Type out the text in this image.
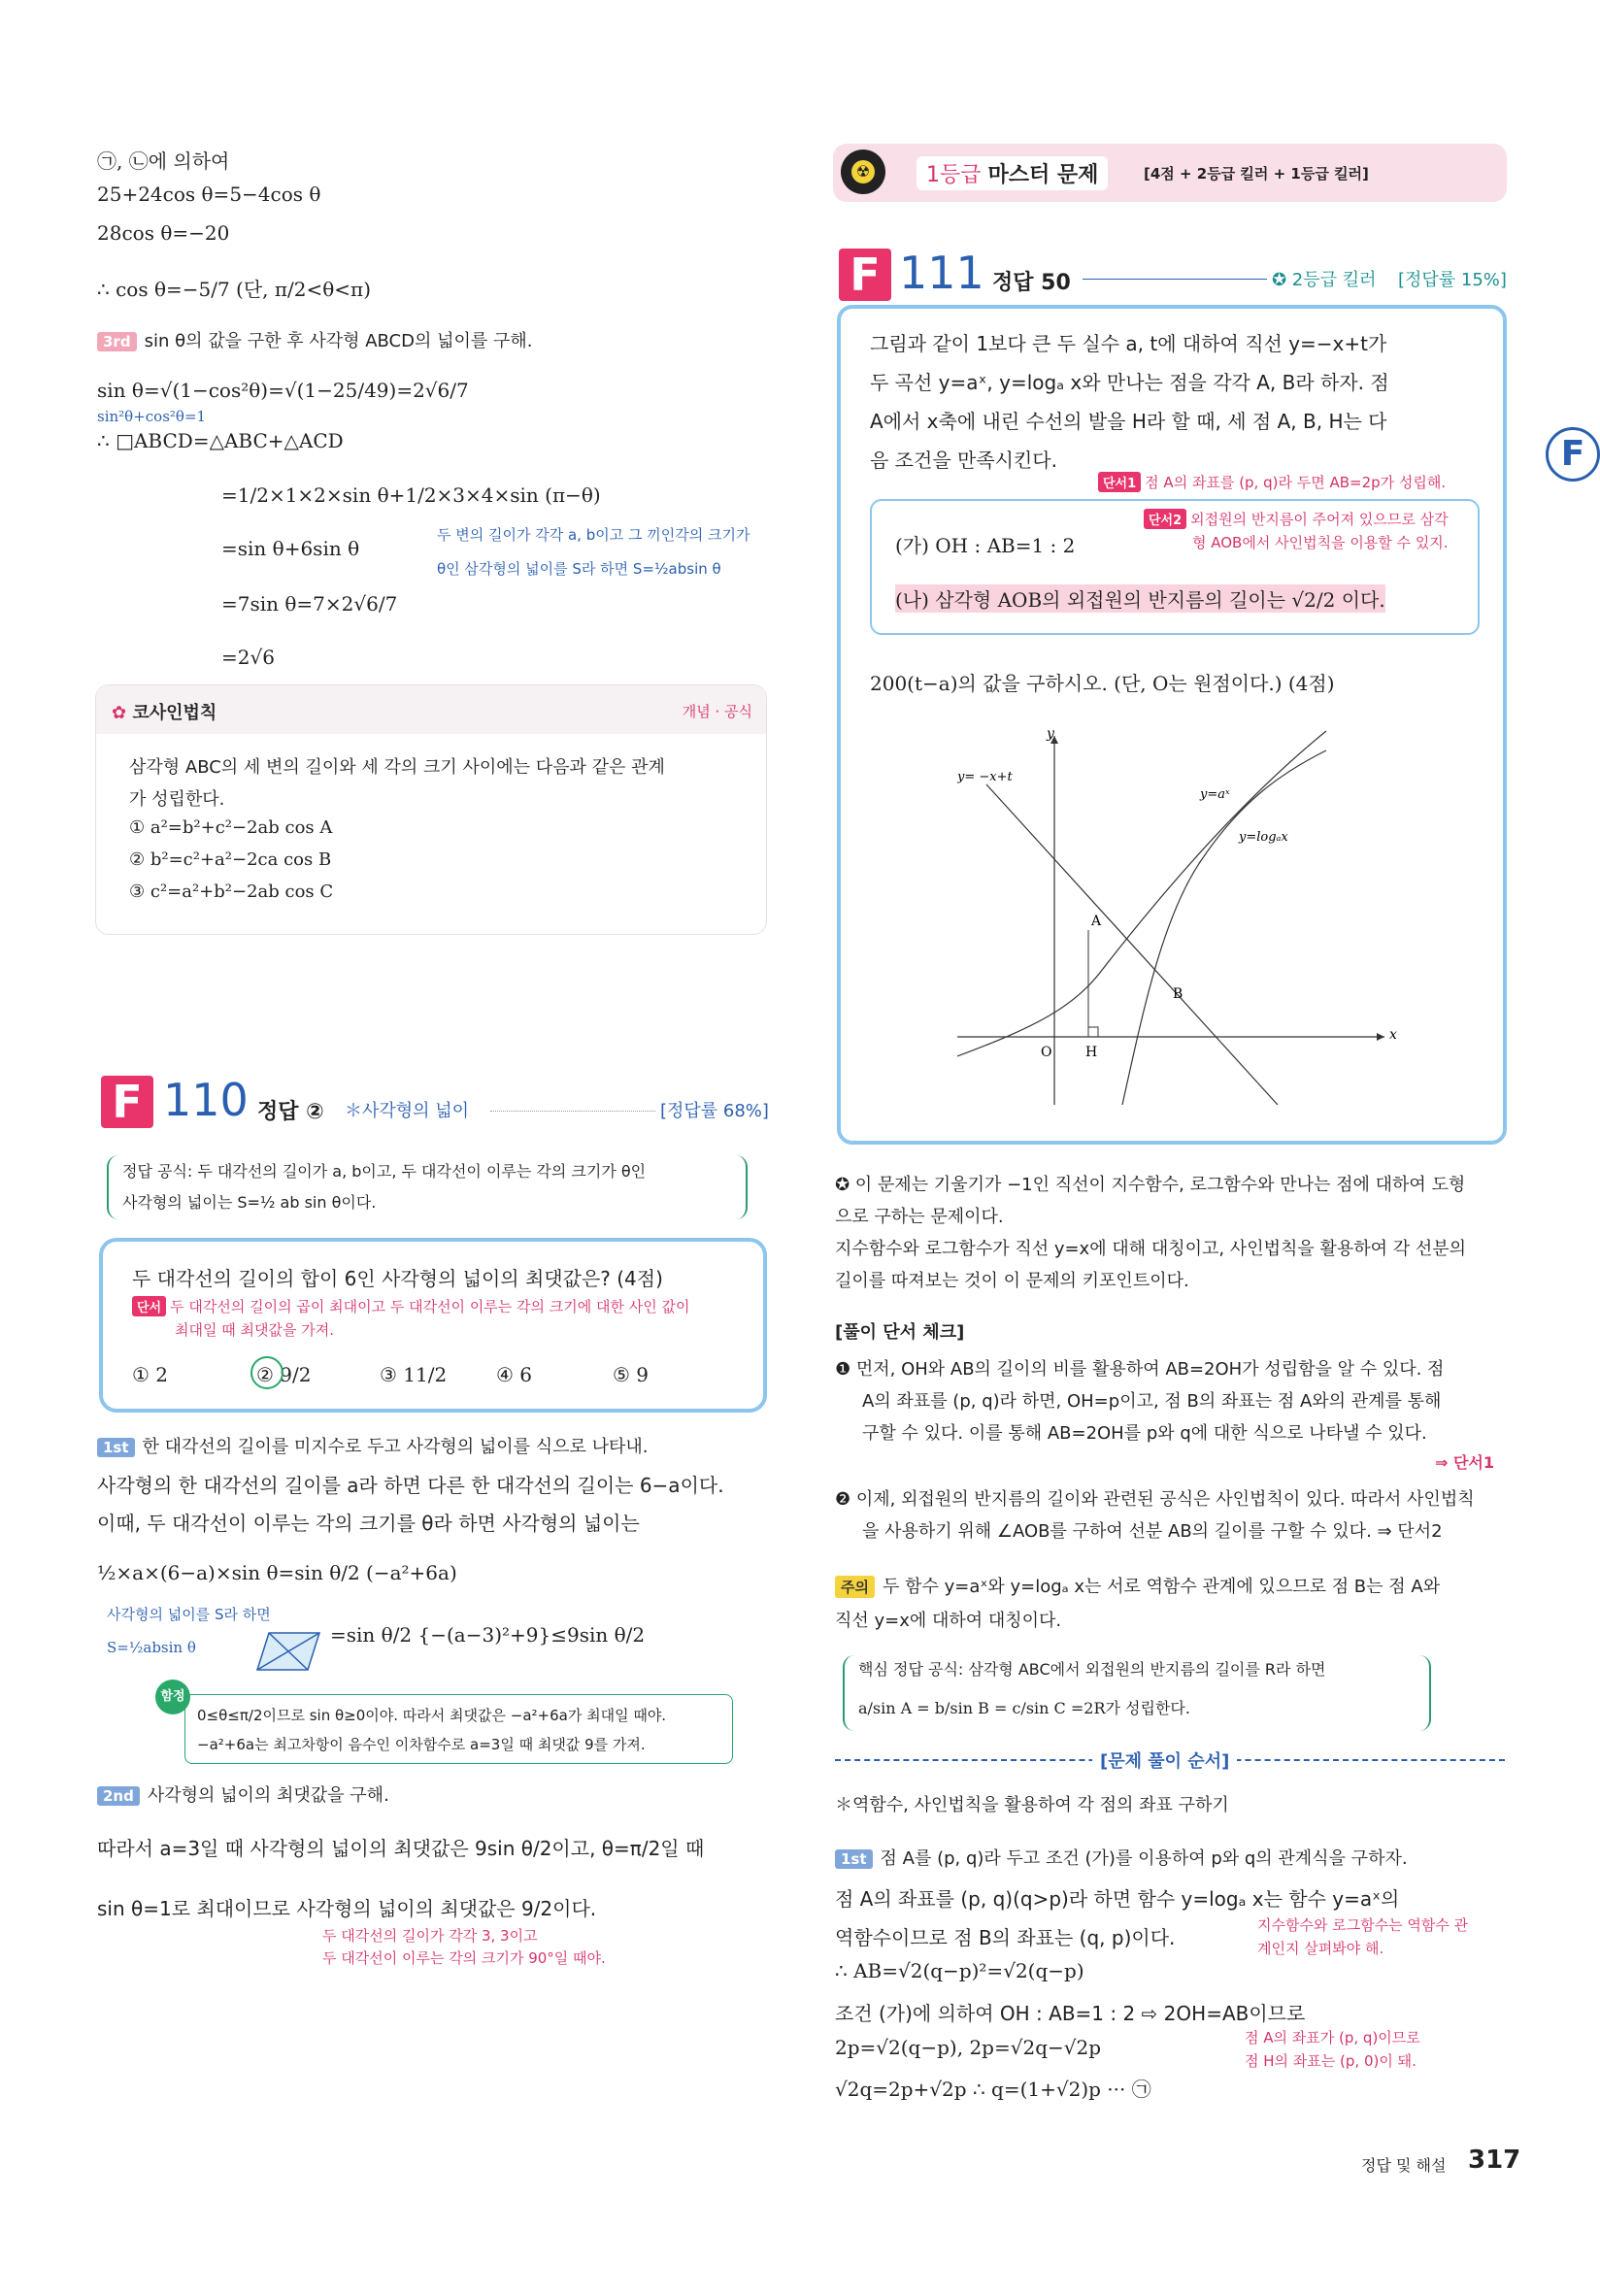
㉠, ㉡에 의하여
25+24cos θ=5−4cos θ
28cos θ=−20
∴ cos θ=−5/7 (단, π/2<θ<π)
3rd sin θ의 값을 구한 후 사각형 ABCD의 넓이를 구해.
sin θ=√(1−cos²θ)=√(1−25/49)=2√6/7
sin²θ+cos²θ=1
∴ □ABCD=△ABC+△ACD
=1/2×1×2×sin θ+1/2×3×4×sin (π−θ)
=sin θ+6sin θ
두 변의 길이가 각각 a, b이고 그 끼인각의 크기가
θ인 삼각형의 넓이를 S라 하면 S=½absin θ
=7sin θ=7×2√6/7
=2√6
✿ 코사인법칙	개념 · 공식
삼각형 ABC의 세 변의 길이와 세 각의 크기 사이에는 다음과 같은 관계
가 성립한다.
① a²=b²+c²−2ab cos A
② b²=c²+a²−2ca cos B
③ c²=a²+b²−2ab cos C
F 110 정답 ② ＊사각형의 넓이	[정답률 68%]
정답 공식: 두 대각선의 길이가 a, b이고, 두 대각선이 이루는 각의 크기가 θ인
사각형의 넓이는 S=½ ab sin θ이다.
두 대각선의 길이의 합이 6인 사각형의 넓이의 최댓값은? (4점)
단서 두 대각선의 길이의 곱이 최대이고 두 대각선이 이루는 각의 크기에 대한 사인 값이
최대일 때 최댓값을 가져.
① 2	② 9/2	③ 11/2	④ 6	⑤ 9
1st 한 대각선의 길이를 미지수로 두고 사각형의 넓이를 식으로 나타내.
사각형의 한 대각선의 길이를 a라 하면 다른 한 대각선의 길이는 6−a이다.
이때, 두 대각선이 이루는 각의 크기를 θ라 하면 사각형의 넓이는
½×a×(6−a)×sin θ=sin θ/2 (−a²+6a)
사각형의 넓이를 S라 하면
S=½absin θ
=sin θ/2 {−(a−3)²+9}≤9sin θ/2
함정
0≤θ≤π/2이므로 sin θ≥0이야. 따라서 최댓값은 −a²+6a가 최대일 때야.
−a²+6a는 최고차항이 음수인 이차함수로 a=3일 때 최댓값 9를 가져.
2nd 사각형의 넓이의 최댓값을 구해.
따라서 a=3일 때 사각형의 넓이의 최댓값은 9sin θ/2이고, θ=π/2일 때
sin θ=1로 최대이므로 사각형의 넓이의 최댓값은 9/2이다.
두 대각선의 길이가 각각 3, 3이고
두 대각선이 이루는 각의 크기가 90°일 때야.
☢	1등급 마스터 문제	[4점 + 2등급 킬러 + 1등급 킬러]
F 111 정답 50	✪ 2등급 킬러 [정답률 15%]
그림과 같이 1보다 큰 두 실수 a, t에 대하여 직선 y=−x+t가
두 곡선 y=aˣ, y=logₐ x와 만나는 점을 각각 A, B라 하자. 점
A에서 x축에 내린 수선의 발을 H라 할 때, 세 점 A, B, H는 다
음 조건을 만족시킨다.
단서1 점 A의 좌표를 (p, q)라 두면 AB=2p가 성립해.
(가) OH : AB=1 : 2
단서2 외접원의 반지름이 주어져 있으므로 삼각
형 AOB에서 사인법칙을 이용할 수 있지.
(나) 삼각형 AOB의 외접원의 반지름의 길이는 √2/2 이다.
200(t−a)의 값을 구하시오. (단, O는 원점이다.) (4점)
O H
A
B
x
y
y= −x+t
y=aˣ
y=logₐx
✪ 이 문제는 기울기가 −1인 직선이 지수함수, 로그함수와 만나는 점에 대하여 도형
으로 구하는 문제이다.
지수함수와 로그함수가 직선 y=x에 대해 대칭이고, 사인법칙을 활용하여 각 선분의
길이를 따져보는 것이 이 문제의 키포인트이다.
[풀이 단서 체크]
❶ 먼저, OH와 AB의 길이의 비를 활용하여 AB=2OH가 성립함을 알 수 있다. 점
A의 좌표를 (p, q)라 하면, OH=p이고, 점 B의 좌표는 점 A와의 관계를 통해
구할 수 있다. 이를 통해 AB=2OH를 p와 q에 대한 식으로 나타낼 수 있다.
⇒ 단서1
❷ 이제, 외접원의 반지름의 길이와 관련된 공식은 사인법칙이 있다. 따라서 사인법칙
을 사용하기 위해 ∠AOB를 구하여 선분 AB의 길이를 구할 수 있다. ⇒ 단서2
주의 두 함수 y=aˣ와 y=logₐ x는 서로 역함수 관계에 있으므로 점 B는 점 A와
직선 y=x에 대하여 대칭이다.
핵심 정답 공식: 삼각형 ABC에서 외접원의 반지름의 길이를 R라 하면
a/sin A = b/sin B = c/sin C =2R가 성립한다.
[문제 풀이 순서]
＊역함수, 사인법칙을 활용하여 각 점의 좌표 구하기
1st 점 A를 (p, q)라 두고 조건 (가)를 이용하여 p와 q의 관계식을 구하자.
점 A의 좌표를 (p, q)(q>p)라 하면 함수 y=logₐ x는 함수 y=aˣ의
역함수이므로 점 B의 좌표는 (q, p)이다.
지수함수와 로그함수는 역함수 관
계인지 살펴봐야 해.
∴ AB=√2(q−p)²=√2(q−p)
조건 (가)에 의하여 OH : AB=1 : 2 ⇨ 2OH=AB이므로
2p=√2(q−p), 2p=√2q−√2p	점 A의 좌표가 (p, q)이므로
점 H의 좌표는 (p, 0)이 돼.
√2q=2p+√2p ∴ q=(1+√2)p ··· ㉠
F
정답 및 해설 317
